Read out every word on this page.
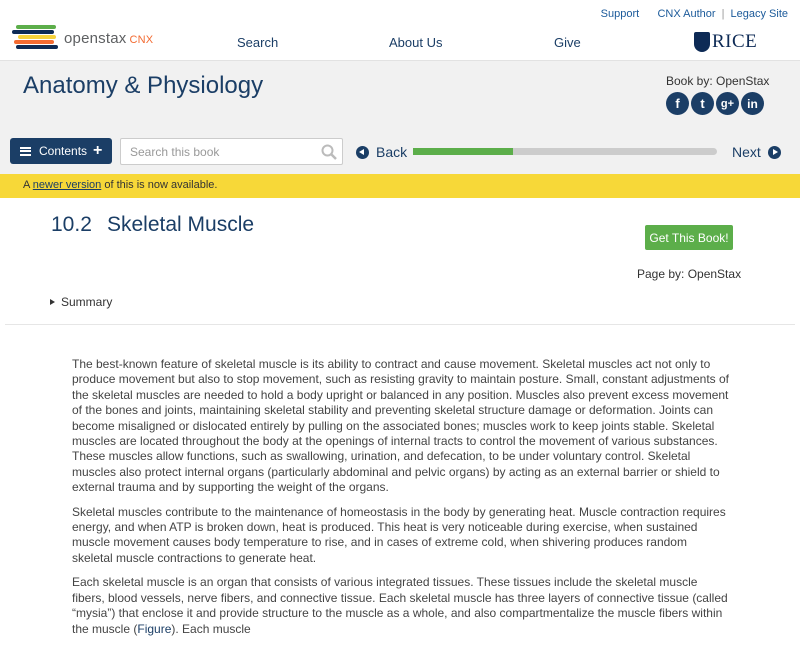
openstax CNX
Support CNX Author | Legacy Site
Search	About Us	Give	RICE
Anatomy & Physiology	Book by: OpenStax
f	t	g+	in
Contents +
Search this book	Back	Next
A newer version of this is now available.
10.2 Skeletal Muscle
Get This Book!
Page by: OpenStax
Summary

The best-known feature of skeletal muscle is its ability to contract and cause movement. Skeletal muscles act not only to produce movement but also to stop movement, such as resisting gravity to maintain posture. Small, constant adjustments of the skeletal muscles are needed to hold a body upright or balanced in any position. Muscles also prevent excess movement of the bones and joints, maintaining skeletal stability and preventing skeletal structure damage or deformation. Joints can become misaligned or dislocated entirely by pulling on the associated bones; muscles work to keep joints stable. Skeletal muscles are located throughout the body at the openings of internal tracts to control the movement of various substances. These muscles allow functions, such as swallowing, urination, and defecation, to be under voluntary control. Skeletal muscles also protect internal organs (particularly abdominal and pelvic organs) by acting as an external barrier or shield to external trauma and by supporting the weight of the organs.

Skeletal muscles contribute to the maintenance of homeostasis in the body by generating heat. Muscle contraction requires energy, and when ATP is broken down, heat is produced. This heat is very noticeable during exercise, when sustained muscle movement causes body temperature to rise, and in cases of extreme cold, when shivering produces random skeletal muscle contractions to generate heat.

Each skeletal muscle is an organ that consists of various integrated tissues. These tissues include the skeletal muscle fibers, blood vessels, nerve fibers, and connective tissue. Each skeletal muscle has three layers of connective tissue (called “mysia”) that enclose it and provide structure to the muscle as a whole, and also compartmentalize the muscle fibers within the muscle (Figure). Each muscle
